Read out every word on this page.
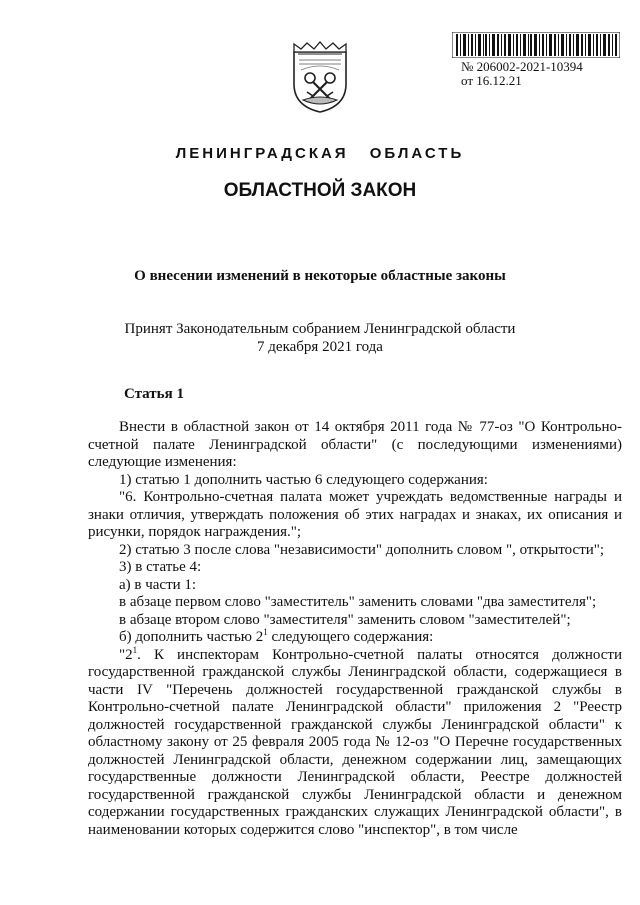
№ 206002-2021-10394
от 16.12.21
ЛЕНИНГРАДСКАЯ ОБЛАСТЬ
ОБЛАСТНОЙ ЗАКОН
О внесении изменений в некоторые областные законы
Принят Законодательным собранием Ленинградской области
7 декабря 2021 года
Статья 1

Внести в областной закон от 14 октября 2011 года № 77-оз "О Контрольно-счетной палате Ленинградской области" (с последующими изменениями) следующие изменения:

1) статью 1 дополнить частью 6 следующего содержания:

"6. Контрольно-счетная палата может учреждать ведомственные награды и знаки отличия, утверждать положения об этих наградах и знаках, их описания и рисунки, порядок награждения.";

2) статью 3 после слова "независимости" дополнить словом ", открытости";

3) в статье 4:

а) в части 1:

в абзаце первом слово "заместитель" заменить словами "два заместителя";

в абзаце втором слово "заместителя" заменить словом "заместителей";

б) дополнить частью $2^1$ следующего содержания:

"$2^1$. К инспекторам Контрольно-счетной палаты относятся должности государственной гражданской службы Ленинградской области, содержащиеся в части IV "Перечень должностей государственной гражданской службы в Контрольно-счетной палате Ленинградской области" приложения 2 "Реестр должностей государственной гражданской службы Ленинградской области" к областному закону от 25 февраля 2005 года № 12-оз "О Перечне государственных должностей Ленинградской области, денежном содержании лиц, замещающих государственные должности Ленинградской области, Реестре должностей государственной гражданской службы Ленинградской области и денежном содержании государственных гражданских служащих Ленинградской области", в наименовании которых содержится слово "инспектор", в том числе
